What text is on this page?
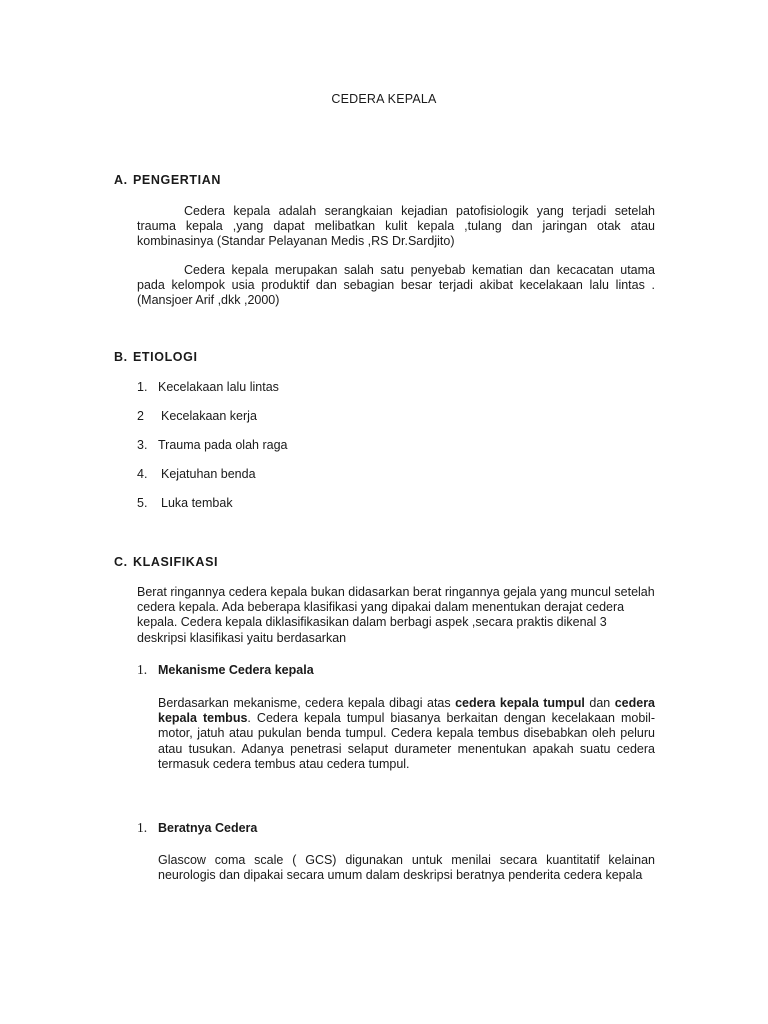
CEDERA KEPALA
A. PENGERTIAN
Cedera kepala adalah serangkaian kejadian patofisiologik yang terjadi setelah trauma kepala ,yang dapat melibatkan kulit kepala ,tulang dan jaringan otak atau kombinasinya (Standar Pelayanan Medis ,RS Dr.Sardjito)
Cedera kepala merupakan salah satu penyebab kematian dan kecacatan utama pada kelompok usia produktif dan sebagian besar terjadi akibat kecelakaan lalu lintas . (Mansjoer Arif ,dkk ,2000)
B. ETIOLOGI
1. Kecelakaan lalu lintas
2 Kecelakaan kerja
3. Trauma pada olah raga
4. Kejatuhan benda
5. Luka tembak
C. KLASIFIKASI
Berat ringannya cedera kepala bukan didasarkan berat ringannya gejala yang muncul setelah cedera kepala. Ada beberapa klasifikasi yang dipakai dalam menentukan derajat cedera kepala. Cedera kepala diklasifikasikan dalam berbagi aspek ,secara praktis dikenal 3 deskripsi klasifikasi yaitu berdasarkan
1. Mekanisme Cedera kepala
Berdasarkan mekanisme, cedera kepala dibagi atas cedera kepala tumpul dan cedera kepala tembus. Cedera kepala tumpul biasanya berkaitan dengan kecelakaan mobil-motor, jatuh atau pukulan benda tumpul. Cedera kepala tembus disebabkan oleh peluru atau tusukan. Adanya penetrasi selaput durameter menentukan apakah suatu cedera termasuk cedera tembus atau cedera tumpul.
1. Beratnya Cedera
Glascow coma scale ( GCS) digunakan untuk menilai secara kuantitatif kelainan neurologis dan dipakai secara umum dalam deskripsi beratnya penderita cedera kepala
